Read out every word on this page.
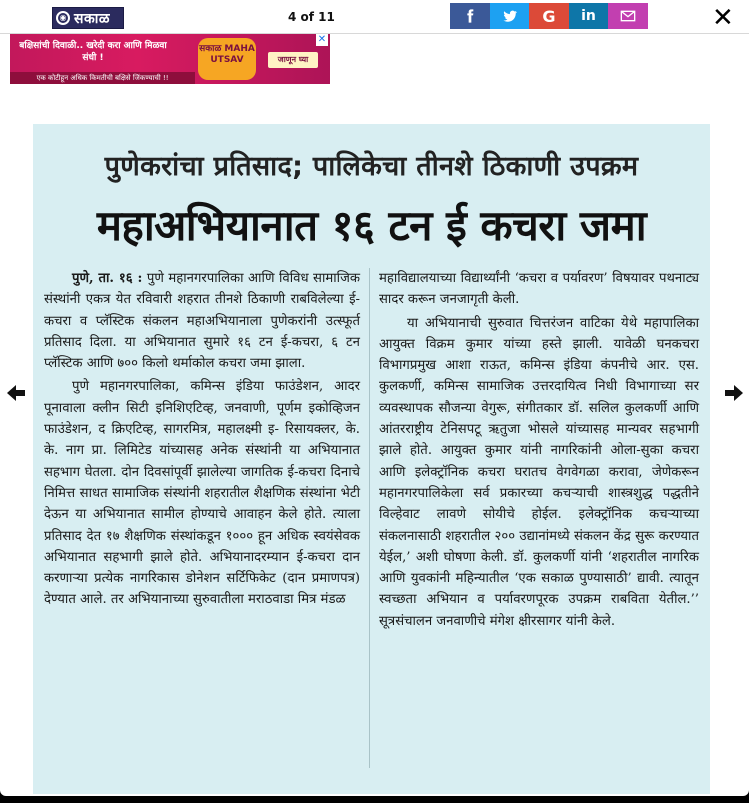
◉ सकाळ	4 of 11	G in	✕
बक्षिसांची दिवाळी.. खरेदी करा आणि मिळवा संधी !
एक कोटीहून अधिक किमतीची बक्षिसे जिंकण्याची !!
सकाळ MAHA UTSAV	जाणून घ्या
✕
पुणेकरांचा प्रतिसाद; पालिकेचा तीनशे ठिकाणी उपक्रम
महाअभियानात १६ टन ई कचरा जमा

पुणे, ता. १६ : पुणे महानगरपालिका आणि विविध सामाजिक संस्थांनी एकत्र येत रविवारी शहरात तीनशे ठिकाणी राबविलेल्या ई-कचरा व प्लॅस्टिक संकलन महाअभियानाला पुणेकरांनी उत्स्फूर्त प्रतिसाद दिला. या अभियानात सुमारे १६ टन ई-कचरा, ६ टन प्लॅस्टिक आणि ७०० किलो थर्माकोल कचरा जमा झाला.

पुणे महानगरपालिका, कमिन्स इंडिया फाउंडेशन, आदर पूनावाला क्लीन सिटी इनिशिएटिव्ह, जनवाणी, पूर्णम इकोव्हिजन फाउंडेशन, द क्रिएटिव्ह, सागरमित्र, महालक्ष्मी इ- रिसायक्लर, के. के. नाग प्रा. लिमिटेड यांच्यासह अनेक संस्थांनी या अभियानात सहभाग घेतला. दोन दिवसांपूर्वी झालेल्या जागतिक ई-कचरा दिनाचे निमित्त साधत सामाजिक संस्थांनी शहरातील शैक्षणिक संस्थांना भेटी देऊन या अभियानात सामील होण्याचे आवाहन केले होते. त्याला प्रतिसाद देत १७ शैक्षणिक संस्थांकडून १००० हून अधिक स्वयंसेवक अभियानात सहभागी झाले होते. अभियानादरम्यान ई-कचरा दान करणाऱ्या प्रत्येक नागरिकास डोनेशन सर्टिफिकेट (दान प्रमाणपत्र) देण्यात आले. तर अभियानाच्या सुरुवातीला मराठवाडा मित्र मंडळ

महाविद्यालयाच्या विद्यार्थ्यांनी ‘कचरा व पर्यावरण’ विषयावर पथनाट्य सादर करून जनजागृती केली.

या अभियानाची सुरुवात चित्तरंजन वाटिका येथे महापालिका आयुक्त विक्रम कुमार यांच्या हस्ते झाली. यावेळी घनकचरा विभागप्रमुख आशा राऊत, कमिन्स इंडिया कंपनीचे आर. एस. कुलकर्णी, कमिन्स सामाजिक उत्तरदायित्व निधी विभागाच्या सर व्यवस्थापक सौजन्या वेगुरू, संगीतकार डॉ. सलिल कुलकर्णी आणि आंतरराष्ट्रीय टेनिसपटू ऋतुजा भोसले यांच्यासह मान्यवर सहभागी झाले होते. आयुक्त कुमार यांनी नागरिकांनी ओला-सुका कचरा आणि इलेक्ट्रॉनिक कचरा घरातच वेगवेगळा करावा, जेणेकरून महानगरपालिकेला सर्व प्रकारच्या कचऱ्याची शास्त्रशुद्ध पद्धतीने विल्हेवाट लावणे सोयीचे होईल. इलेक्ट्रॉनिक कचऱ्याच्या संकलनासाठी शहरातील २०० उद्यानांमध्ये संकलन केंद्र सुरू करण्यात येईल,’ अशी घोषणा केली. डॉ. कुलकर्णी यांनी ‘शहरातील नागरिक आणि युवकांनी महिन्यातील ‘एक सकाळ पुण्यासाठी’ द्यावी. त्यातून स्वच्छता अभियान व पर्यावरणपूरक उपक्रम राबविता येतील.’’ सूत्रसंचालन जनवाणीचे मंगेश क्षीरसागर यांनी केले.
